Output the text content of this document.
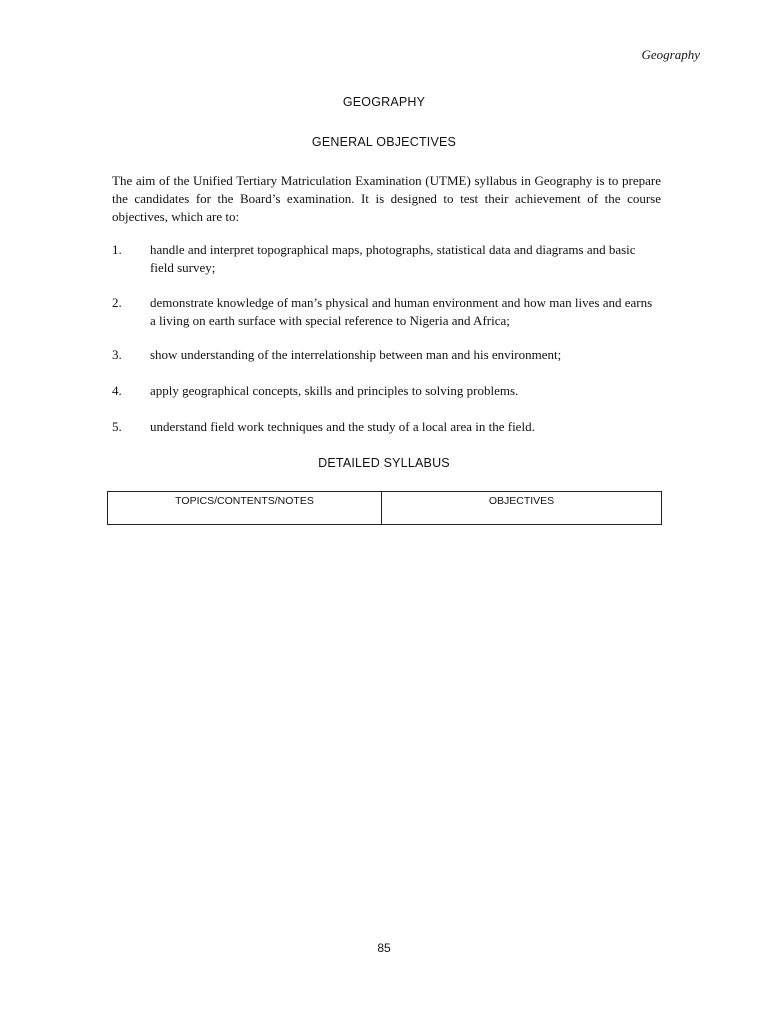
Geography
GEOGRAPHY
GENERAL OBJECTIVES

The aim of the Unified Tertiary Matriculation Examination (UTME) syllabus in Geography is to prepare the candidates for the Board’s examination. It is designed to test their achievement of the course objectives, which are to:

1. handle and interpret topographical maps, photographs, statistical data and diagrams and basic field survey;
2. demonstrate knowledge of man’s physical and human environment and how man lives and earns a living on earth surface with special reference to Nigeria and Africa;
3. show understanding of the interrelationship between man and his environment;
4. apply geographical concepts, skills and principles to solving problems.
5. understand field work techniques and the study of a local area in the field.
DETAILED SYLLABUS
TOPICS/CONTENTS/NOTES	OBJECTIVES
85
